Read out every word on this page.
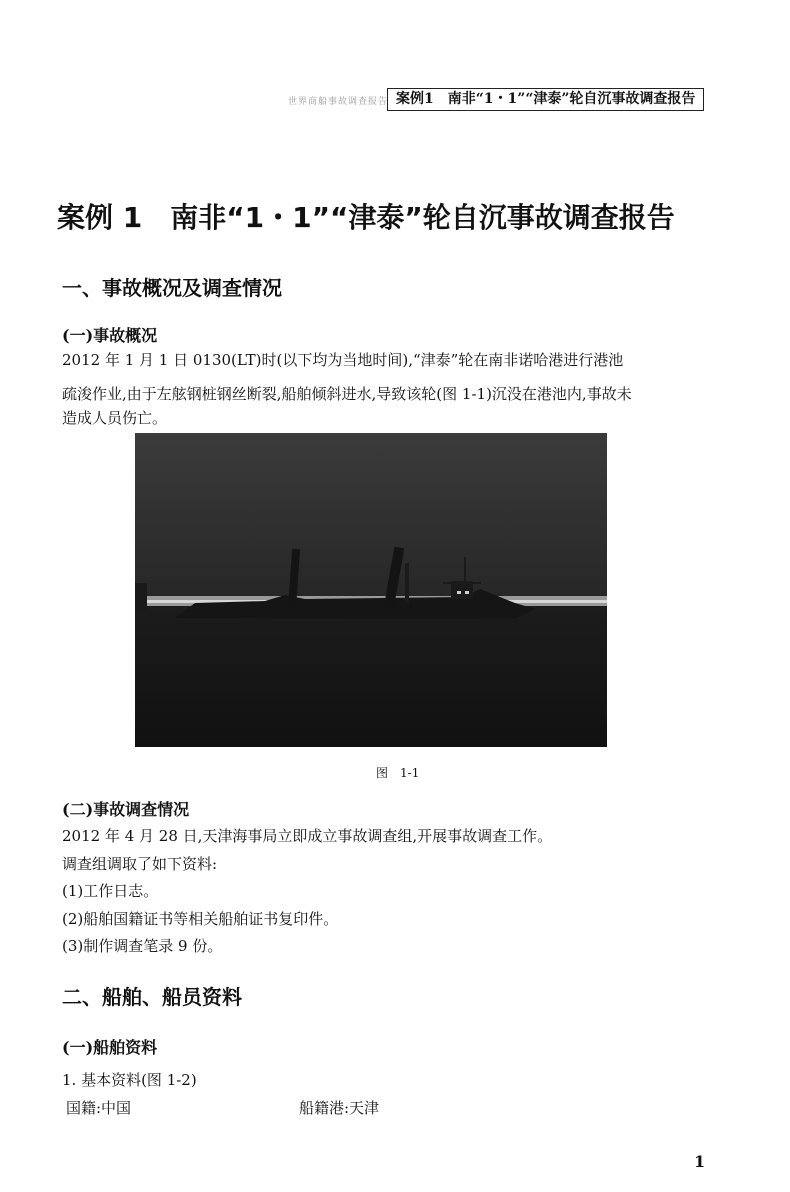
世界商船事故调查报告 案例1　南非“1・1”“津泰”轮自沉事故调查报告
案例 1　南非“1・1”“津泰”轮自沉事故调查报告
一、事故概况及调查情况
(一)事故概况
2012 年 1 月 1 日 0130(LT)时(以下均为当地时间),“津泰”轮在南非诺哈港进行港池
疏浚作业,由于左舷钢桩钢丝断裂,船舶倾斜进水,导致该轮(图 1-1)沉没在港池内,事故未
造成人员伤亡。
图　1-1
(二)事故调查情况
2012 年 4 月 28 日,天津海事局立即成立事故调查组,开展事故调查工作。
调查组调取了如下资料:
(1)工作日志。
(2)船舶国籍证书等相关船舶证书复印件。
(3)制作调查笔录 9 份。
二、船舶、船员资料
(一)船舶资料
1. 基本资料(图 1-2)
国籍:中国	船籍港:天津
1
